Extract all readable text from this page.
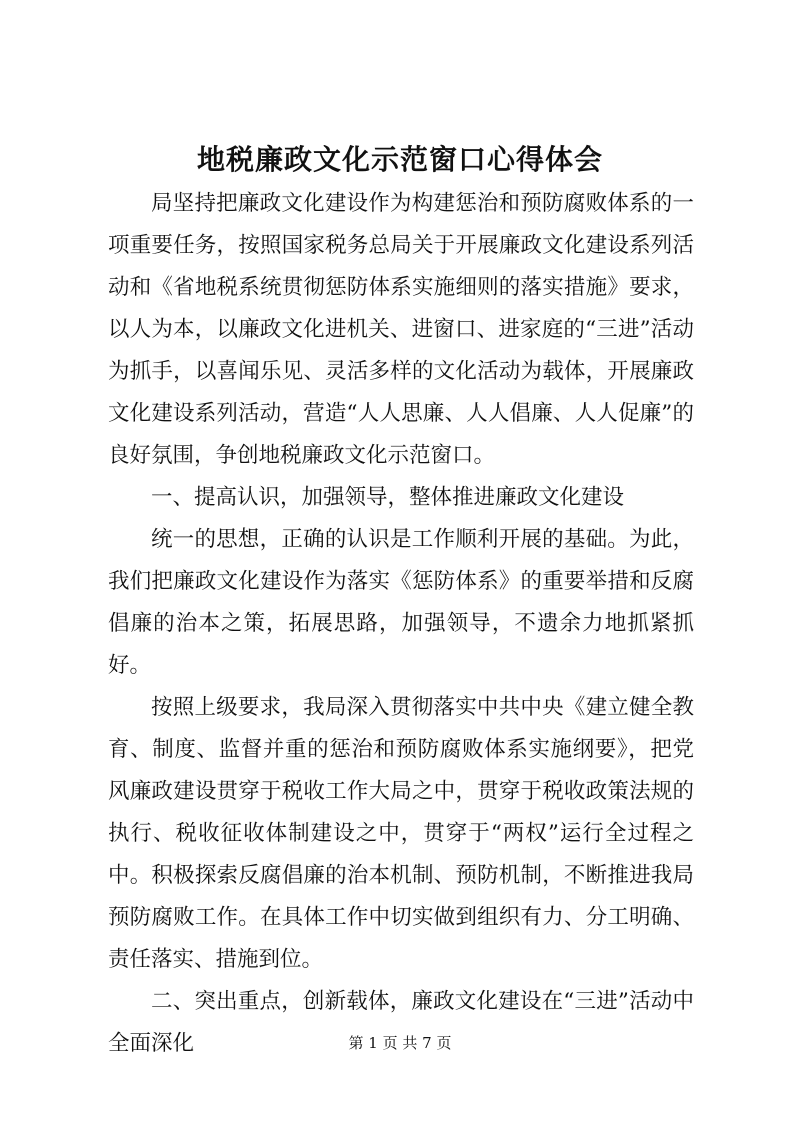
地税廉政文化示范窗口心得体会

局坚持把廉政文化建设作为构建惩治和预防腐败体系的一项重要任务，按照国家税务总局关于开展廉政文化建设系列活动和《省地税系统贯彻惩防体系实施细则的落实措施》要求，以人为本，以廉政文化进机关、进窗口、进家庭的“三进”活动为抓手，以喜闻乐见、灵活多样的文化活动为载体，开展廉政文化建设系列活动，营造“人人思廉、人人倡廉、人人促廉”的良好氛围，争创地税廉政文化示范窗口。

一、提高认识，加强领导，整体推进廉政文化建设

统一的思想，正确的认识是工作顺利开展的基础。为此，我们把廉政文化建设作为落实《惩防体系》的重要举措和反腐倡廉的治本之策，拓展思路，加强领导，不遗余力地抓紧抓好。

按照上级要求，我局深入贯彻落实中共中央《建立健全教育、制度、监督并重的惩治和预防腐败体系实施纲要》，把党风廉政建设贯穿于税收工作大局之中，贯穿于税收政策法规的执行、税收征收体制建设之中，贯穿于“两权”运行全过程之中。积极探索反腐倡廉的治本机制、预防机制，不断推进我局预防腐败工作。在具体工作中切实做到组织有力、分工明确、责任落实、措施到位。

二、突出重点，创新载体，廉政文化建设在“三进”活动中全面深化	第 1 页 共 7 页
